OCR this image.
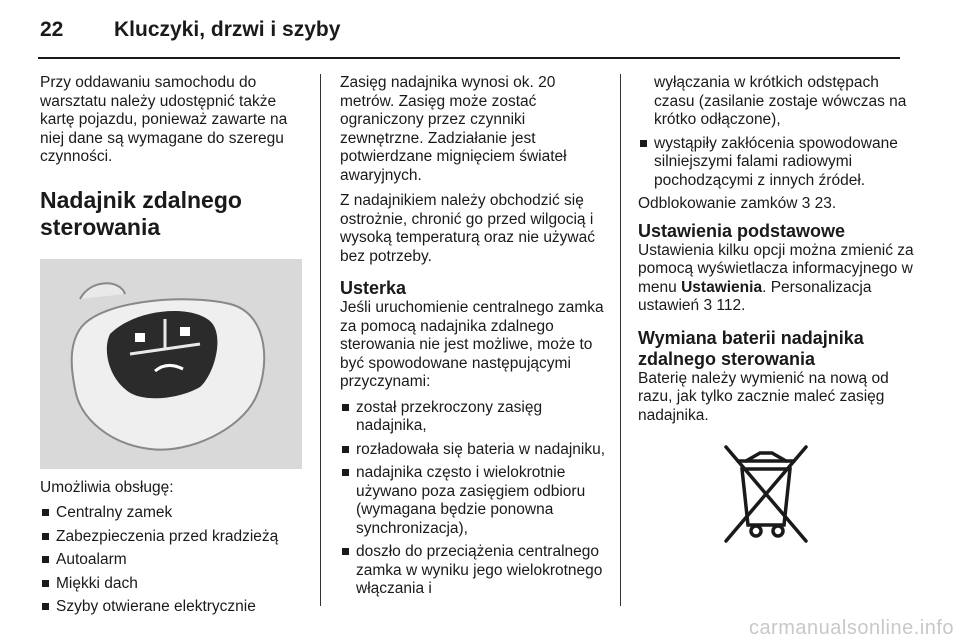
22 Kluczyki, drzwi i szyby

Przy oddawaniu samochodu do warsztatu należy udostępnić także kartę pojazdu, ponieważ zawarte na niej dane są wymagane do szeregu czynności.

Nadajnik zdalnego sterowania

Umożliwia obsługę:

Centralny zamek
Zabezpieczenia przed kradzieżą
Autoalarm
Miękki dach
Szyby otwierane elektrycznie

Zasięg nadajnika wynosi ok. 20 metrów. Zasięg może zostać ograniczony przez czynniki zewnętrzne. Zadziałanie jest potwierdzane mignięciem świateł awaryjnych.

Z nadajnikiem należy obchodzić się ostrożnie, chronić go przed wilgocią i wysoką temperaturą oraz nie używać bez potrzeby.

Usterka

Jeśli uruchomienie centralnego zamka za pomocą nadajnika zdalnego sterowania nie jest możliwe, może to być spowodowane następującymi przyczynami:

został przekroczony zasięg nadajnika,
rozładowała się bateria w nadajniku,
nadajnika często i wielokrotnie używano poza zasięgiem odbioru (wymagana będzie ponowna synchronizacja),
doszło do przeciążenia centralnego zamka w wyniku jego wielokrotnego włączania i
wyłączania w krótkich odstępach czasu (zasilanie zostaje wówczas na krótko odłączone),
wystąpiły zakłócenia spowodowane silniejszymi falami radiowymi pochodzącymi z innych źródeł.

Odblokowanie zamków 3 23.

Ustawienia podstawowe

Ustawienia kilku opcji można zmienić za pomocą wyświetlacza informacyjnego w menu Ustawienia. Personalizacja ustawień 3 112.

Wymiana baterii nadajnika zdalnego sterowania

Baterię należy wymienić na nową od razu, jak tylko zacznie maleć zasięg nadajnika.

carmanualsonline.info
